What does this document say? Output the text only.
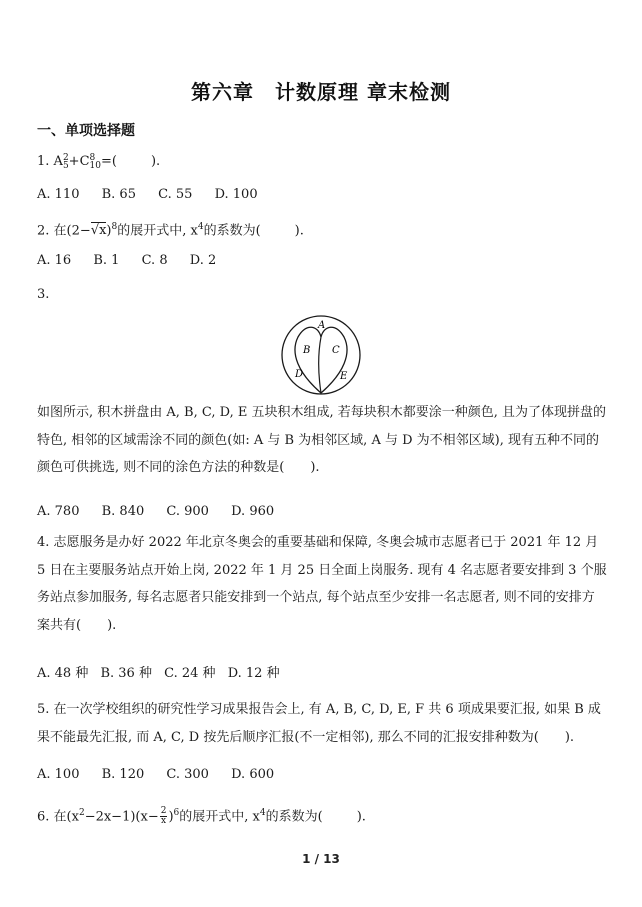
第六章　计数原理 章末检测
一、单项选择题
1. A 2
5 +C 8
10 =(	).
A. 110 B. 65 C. 55 D. 100
2. 在$(2-√x)^8$的展开式中, $x^4$的系数为(	).
A. 16 B. 1 C. 8 D. 2
3.
A
B C
D	E
如图所示, 积木拼盘由 A, B, C, D, E 五块积木组成, 若每块积木都要涂一种颜色, 且为了体现拼盘的特色, 相邻的区域需涂不同的颜色(如: A 与 B 为相邻区域, A 与 D 为不相邻区域), 现有五种不同的颜色可供挑选, 则不同的涂色方法的种数是(　　).
A. 780 B. 840 C. 900 D. 960
4. 志愿服务是办好 2022 年北京冬奥会的重要基础和保障, 冬奥会城市志愿者已于 2021 年 12 月 5 日在主要服务站点开始上岗, 2022 年 1 月 25 日全面上岗服务. 现有 4 名志愿者要安排到 3 个服务站点参加服务, 每名志愿者只能安排到一个站点, 每个站点至少安排一名志愿者, 则不同的安排方案共有(　　).
A. 48 种 B. 36 种 C. 24 种 D. 12 种
5. 在一次学校组织的研究性学习成果报告会上, 有 A, B, C, D, E, F 共 6 项成果要汇报, 如果 B 成果不能最先汇报, 而 A, C, D 按先后顺序汇报(不一定相邻), 那么不同的汇报安排种数为(　　).
A. 100 B. 120 C. 300 D. 600
6. 在$(x^2-2x-1)(x- \frac{2}{x} )^6$的展开式中, $x^4$的系数为(	).
1 / 13
